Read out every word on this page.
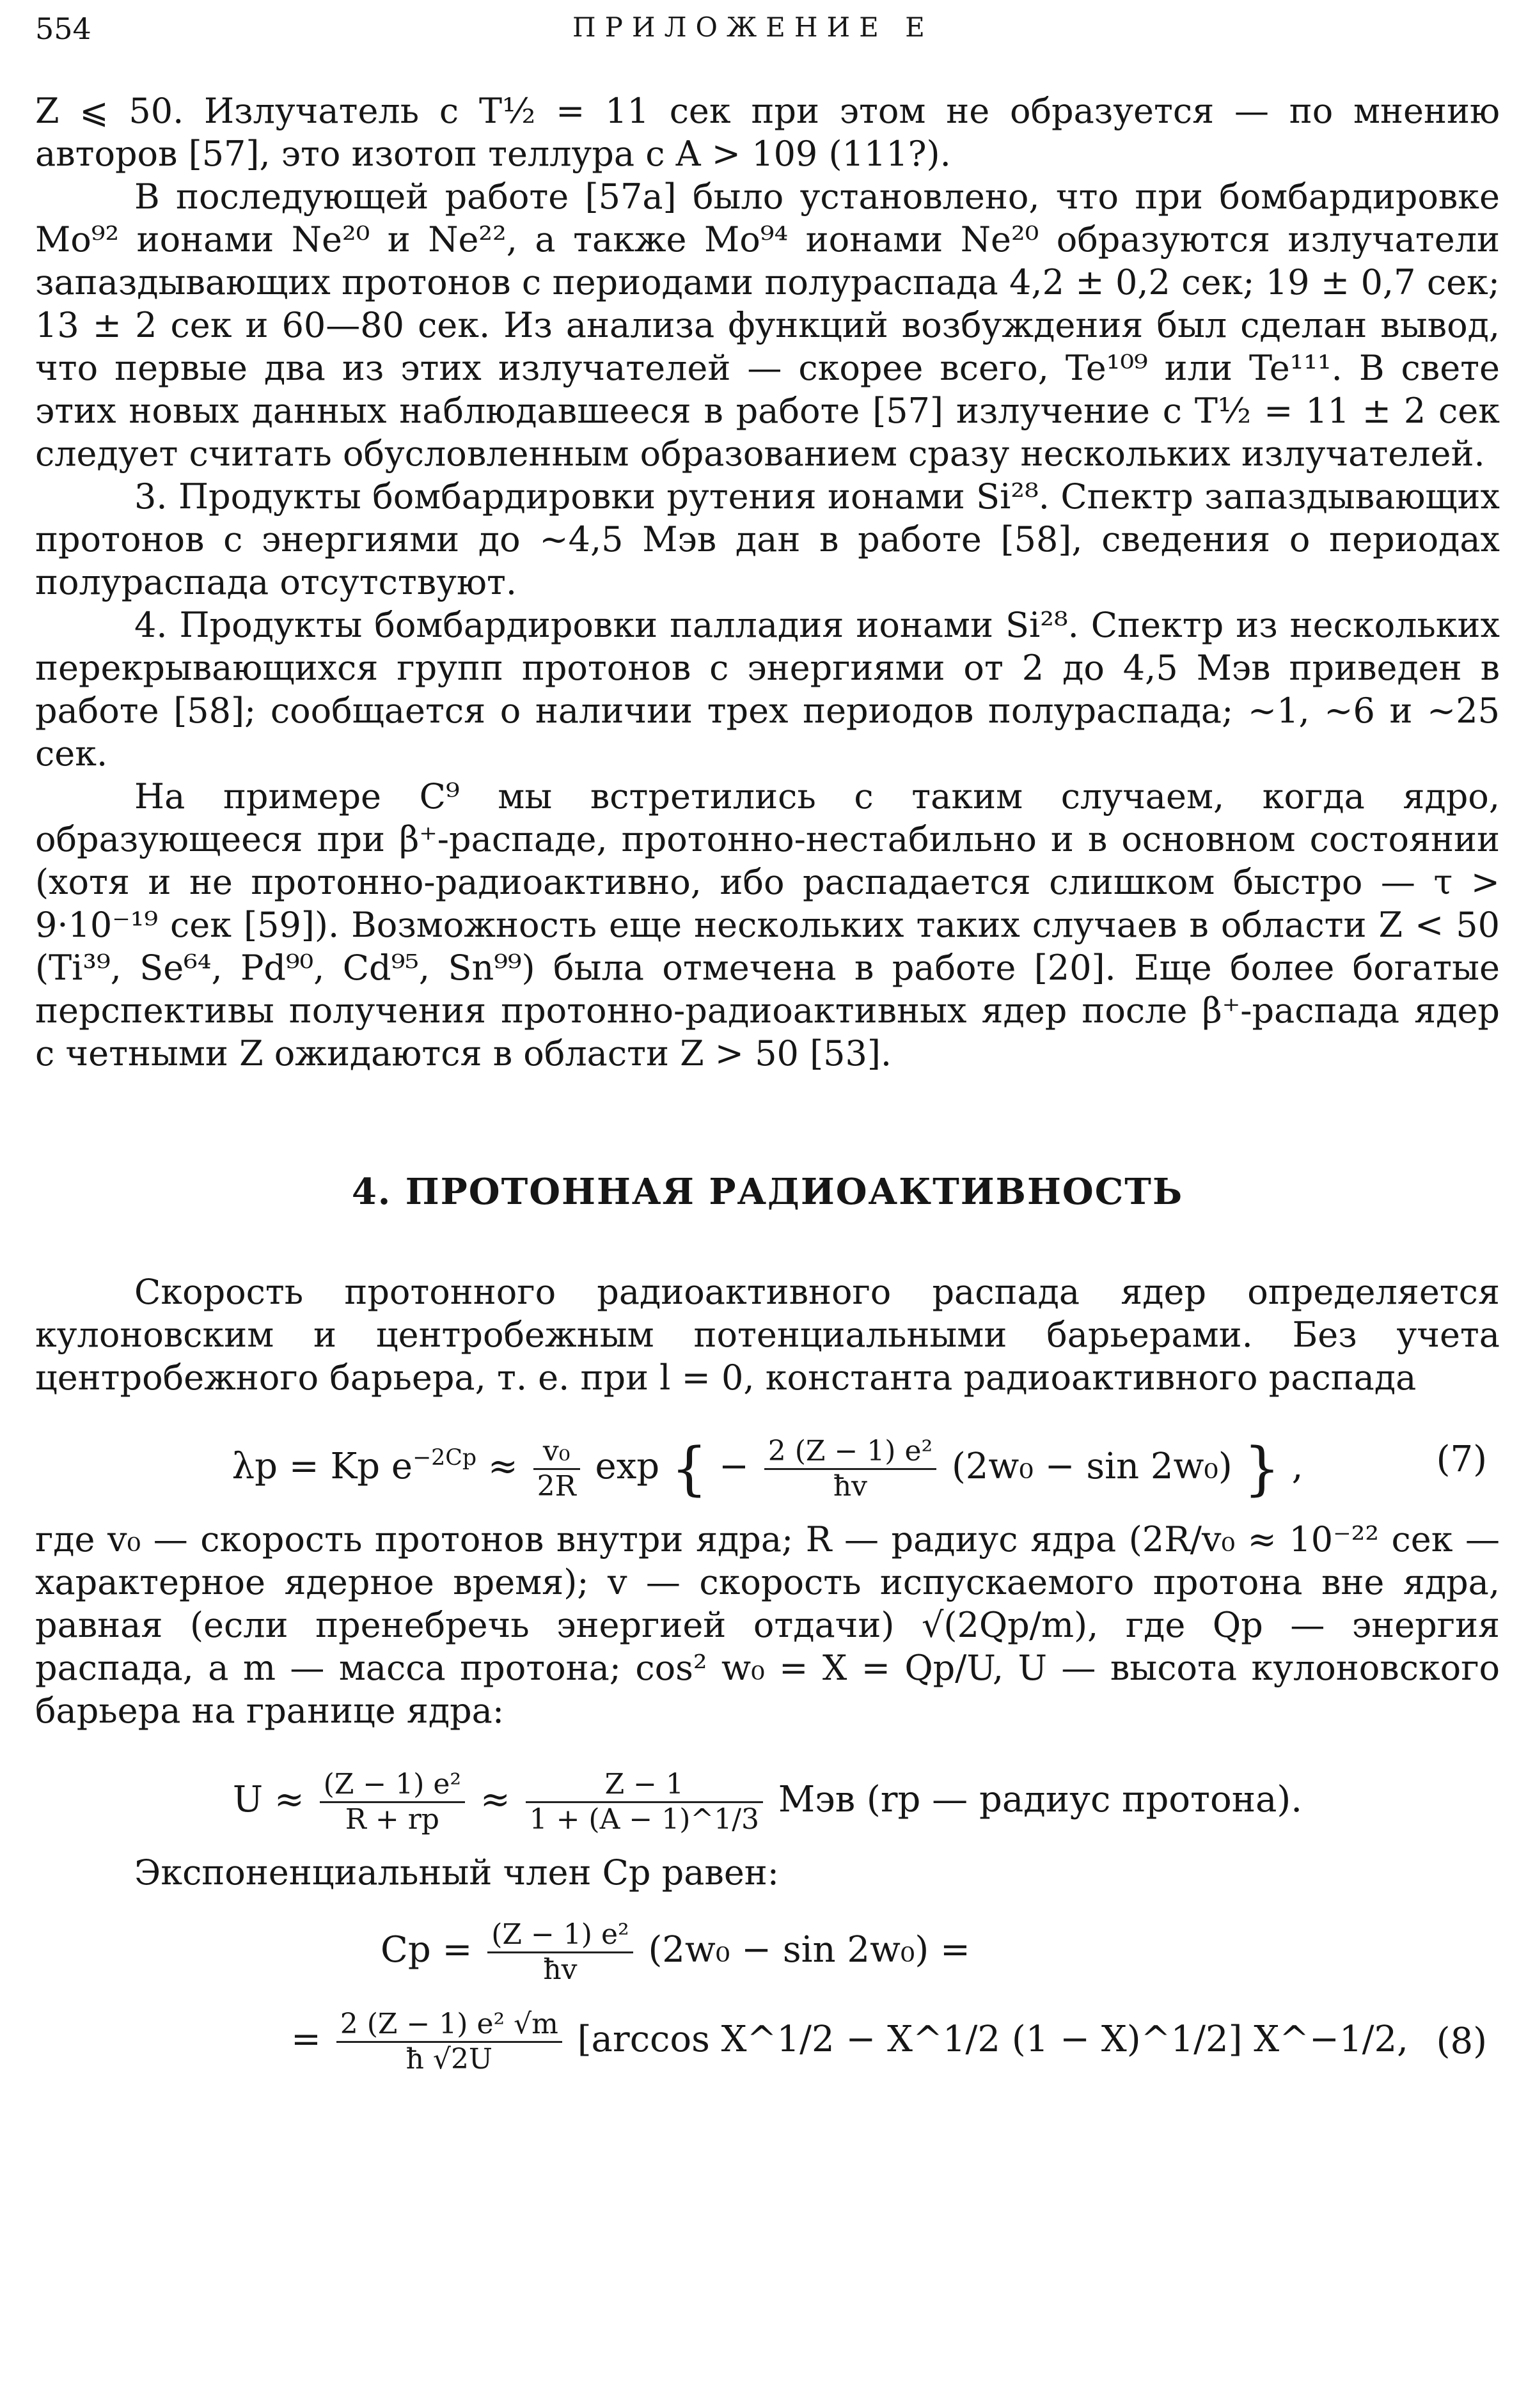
554	ПРИЛОЖЕНИЕ Е

Z ⩽ 50. Излучатель с T½ = 11 сек при этом не образуется — по мнению авторов [57], это изотоп теллура с A > 109 (111?).

В последующей работе [57а] было установлено, что при бомбардировке Mo⁹² ионами Ne²⁰ и Ne²², а также Mo⁹⁴ ионами Ne²⁰ образуются излучатели запаздывающих протонов с периодами полураспада 4,2 ± 0,2 сек; 19 ± 0,7 сек; 13 ± 2 сек и 60—80 сек. Из анализа функций возбуждения был сделан вывод, что первые два из этих излучателей — скорее всего, Te¹⁰⁹ или Te¹¹¹. В свете этих новых данных наблюдавшееся в работе [57] излучение с T½ = 11 ± 2 сек следует считать обусловленным образованием сразу нескольких излучателей.

3. Продукты бомбардировки рутения ионами Si²⁸. Спектр запаздывающих протонов с энергиями до ~4,5 Мэв дан в работе [58], сведения о периодах полураспада отсутствуют.

4. Продукты бомбардировки палладия ионами Si²⁸. Спектр из нескольких перекрывающихся групп протонов с энергиями от 2 до 4,5 Мэв приведен в работе [58]; сообщается о наличии трех периодов полураспада; ~1, ~6 и ~25 сек.

На примере C⁹ мы встретились с таким случаем, когда ядро, образующееся при β⁺-распаде, протонно-нестабильно и в основном состоянии (хотя и не протонно-радиоактивно, ибо распадается слишком быстро — τ > 9·10⁻¹⁹ сек [59]). Возможность еще нескольких таких случаев в области Z < 50 (Ti³⁹, Se⁶⁴, Pd⁹⁰, Cd⁹⁵, Sn⁹⁹) была отмечена в работе [20]. Еще более богатые перспективы получения протонно-радиоактивных ядер после β⁺-распада ядер с четными Z ожидаются в области Z > 50 [53].

4. ПРОТОННАЯ РАДИОАКТИВНОСТЬ

Скорость протонного радиоактивного распада ядер определяется кулоновским и центробежным потенциальными барьерами. Без учета центробежного барьера, т. е. при l = 0, константа радиоактивного распада

λp = Kp $e^{-2Cp} \approx \frac{\text{v₀}}{2R}$ exp { − $\frac{\text{2 (Z − 1) e²}}{ħv} (2w_0 - \sin 2w_0)$ } ,	(7)

где v₀ — скорость протонов внутри ядра; R — радиус ядра (2R/v₀ ≈ 10⁻²² сек — характерное ядерное время); v — скорость испускаемого протона вне ядра, равная (если пренебречь энергией отдачи) √(2Qp/m), где Qp — энергия распада, а m — масса протона; cos² w₀ = X = Qp/U, U — высота кулоновского барьера на границе ядра:

$U \approx \frac{\text{(Z − 1) e²}}{R + rp} \approx \frac{Z - 1}{1 + (A - 1)\^{}1/3}$ Мэв (rp — радиус протона).

Экспоненциальный член Cp равен:

$Cp = \frac{\text{(Z − 1) e²}}{ħv} (2w_0 - \sin 2w_0)$ =
= $\frac{\text{2 (Z − 1) e² √m}}{ħ √2U} [\arccos$ X^1/2 − X^1/2 (1 − X)^1/2] X^−1/2, (8)
